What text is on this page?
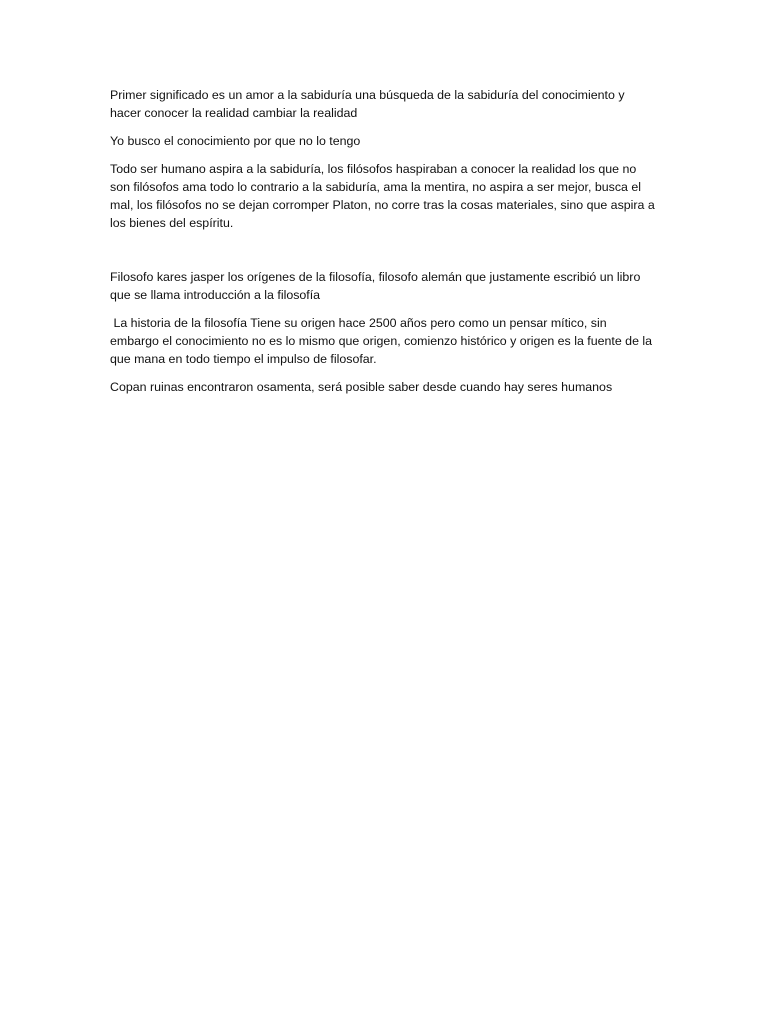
Primer significado es un amor a la sabiduría una búsqueda de la sabiduría del conocimiento y hacer conocer la realidad cambiar la realidad

Yo busco el conocimiento por que no lo tengo

Todo ser humano aspira a la sabiduría, los filósofos haspiraban a conocer la realidad los que no son filósofos ama todo lo contrario a la sabiduría, ama la mentira, no aspira a ser mejor, busca el mal, los filósofos no se dejan corromper Platon, no corre tras la cosas materiales, sino que aspira a los bienes del espíritu.

Filosofo kares jasper los orígenes de la filosofía, filosofo alemán que justamente escribió un libro que se llama introducción a la filosofía

La historia de la filosofía Tiene su origen hace 2500 años pero como un pensar mítico, sin embargo el conocimiento no es lo mismo que origen, comienzo histórico y origen es la fuente de la que mana en todo tiempo el impulso de filosofar.

Copan ruinas encontraron osamenta, será posible saber desde cuando hay seres humanos
